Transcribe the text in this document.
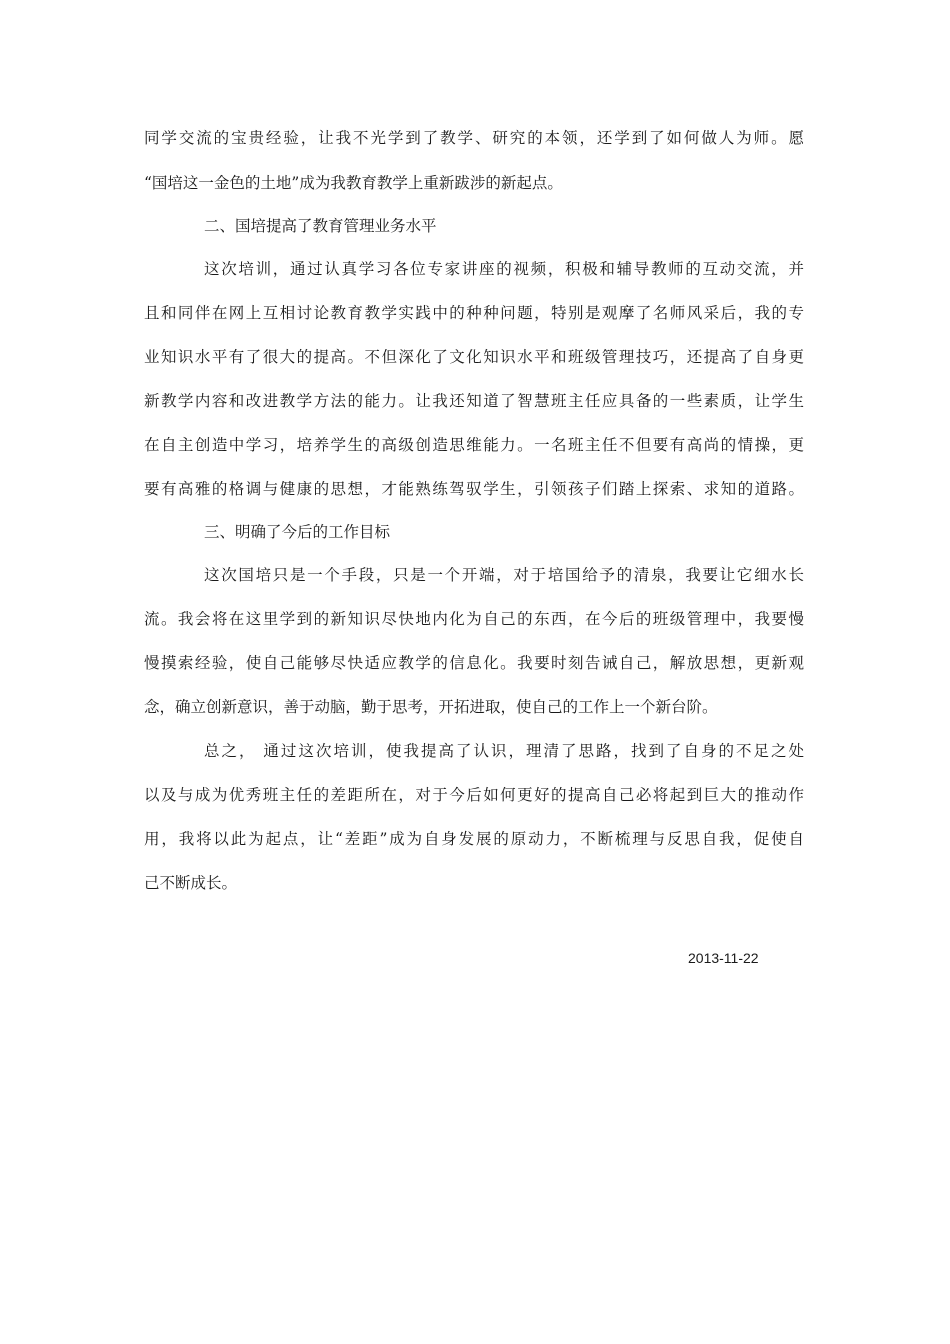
同学交流的宝贵经验，让我不光学到了教学、研究的本领，还学到了如何做人为师。愿
“国培这一金色的土地”成为我教育教学上重新跋涉的新起点。
二、国培提高了教育管理业务水平
这次培训，通过认真学习各位专家讲座的视频，积极和辅导教师的互动交流，并
且和同伴在网上互相讨论教育教学实践中的种种问题，特别是观摩了名师风采后，我的专
业知识水平有了很大的提高。不但深化了文化知识水平和班级管理技巧，还提高了自身更
新教学内容和改进教学方法的能力。让我还知道了智慧班主任应具备的一些素质，让学生
在自主创造中学习，培养学生的高级创造思维能力。一名班主任不但要有高尚的情操，更
要有高雅的格调与健康的思想，才能熟练驾驭学生，引领孩子们踏上探索、求知的道路。
三、明确了今后的工作目标
这次国培只是一个手段，只是一个开端，对于培国给予的清泉，我要让它细水长
流。我会将在这里学到的新知识尽快地内化为自己的东西，在今后的班级管理中，我要慢
慢摸索经验，使自己能够尽快适应教学的信息化。我要时刻告诫自己，解放思想，更新观
念，确立创新意识，善于动脑，勤于思考，开拓进取，使自己的工作上一个新台阶。
总之， 通过这次培训，使我提高了认识，理清了思路，找到了自身的不足之处
以及与成为优秀班主任的差距所在，对于今后如何更好的提高自己必将起到巨大的推动作
用，我将以此为起点，让“差距”成为自身发展的原动力，不断梳理与反思自我，促使自
己不断成长。
2013-11-22
